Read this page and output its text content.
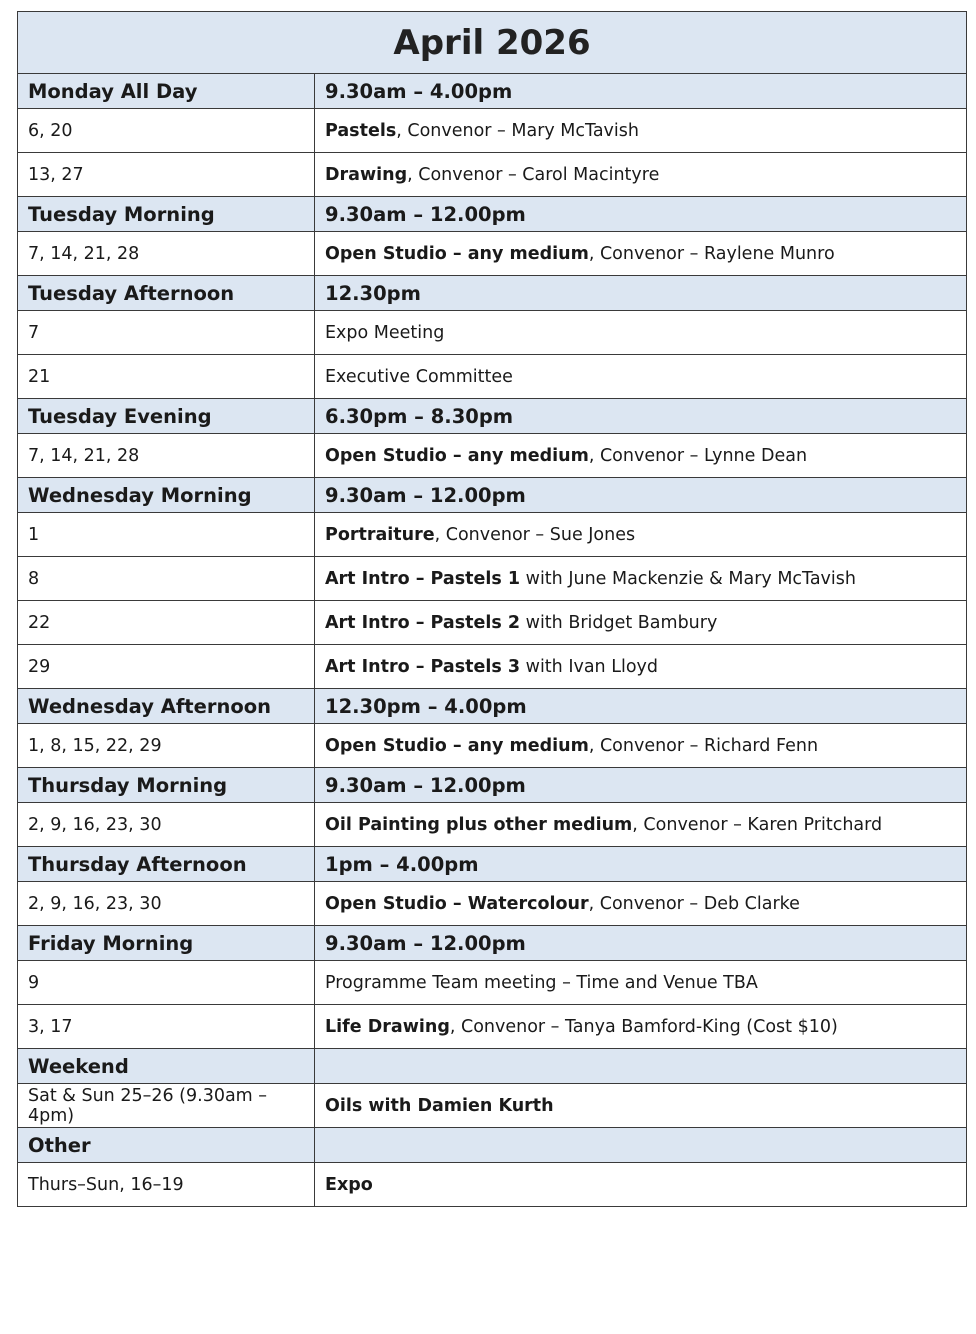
April 2026	
Monday All Day	9.30am – 4.00pm
6, 20	Pastels, Convenor – Mary McTavish
13, 27	Drawing, Convenor – Carol Macintyre
Tuesday Morning	9.30am – 12.00pm
7, 14, 21, 28	Open Studio – any medium, Convenor – Raylene Munro
Tuesday Afternoon	12.30pm
7	Expo Meeting
21	Executive Committee
Tuesday Evening	6.30pm – 8.30pm
7, 14, 21, 28	Open Studio – any medium, Convenor – Lynne Dean
Wednesday Morning	9.30am – 12.00pm
1	Portraiture, Convenor – Sue Jones
8	Art Intro – Pastels 1 with June Mackenzie & Mary McTavish
22	Art Intro – Pastels 2 with Bridget Bambury
29	Art Intro – Pastels 3 with Ivan Lloyd
Wednesday Afternoon	12.30pm – 4.00pm
1, 8, 15, 22, 29	Open Studio – any medium, Convenor – Richard Fenn
Thursday Morning	9.30am – 12.00pm
2, 9, 16, 23, 30	Oil Painting plus other medium, Convenor – Karen Pritchard
Thursday Afternoon	1pm – 4.00pm
2, 9, 16, 23, 30	Open Studio – Watercolour, Convenor – Deb Clarke
Friday Morning	9.30am – 12.00pm
9	Programme Team meeting – Time and Venue TBA
3, 17	Life Drawing, Convenor – Tanya Bamford-King (Cost $10)
Weekend	
Sat & Sun 25–26 (9.30am – 4pm)	Oils with Damien Kurth
Other	
Thurs–Sun, 16–19	Expo
